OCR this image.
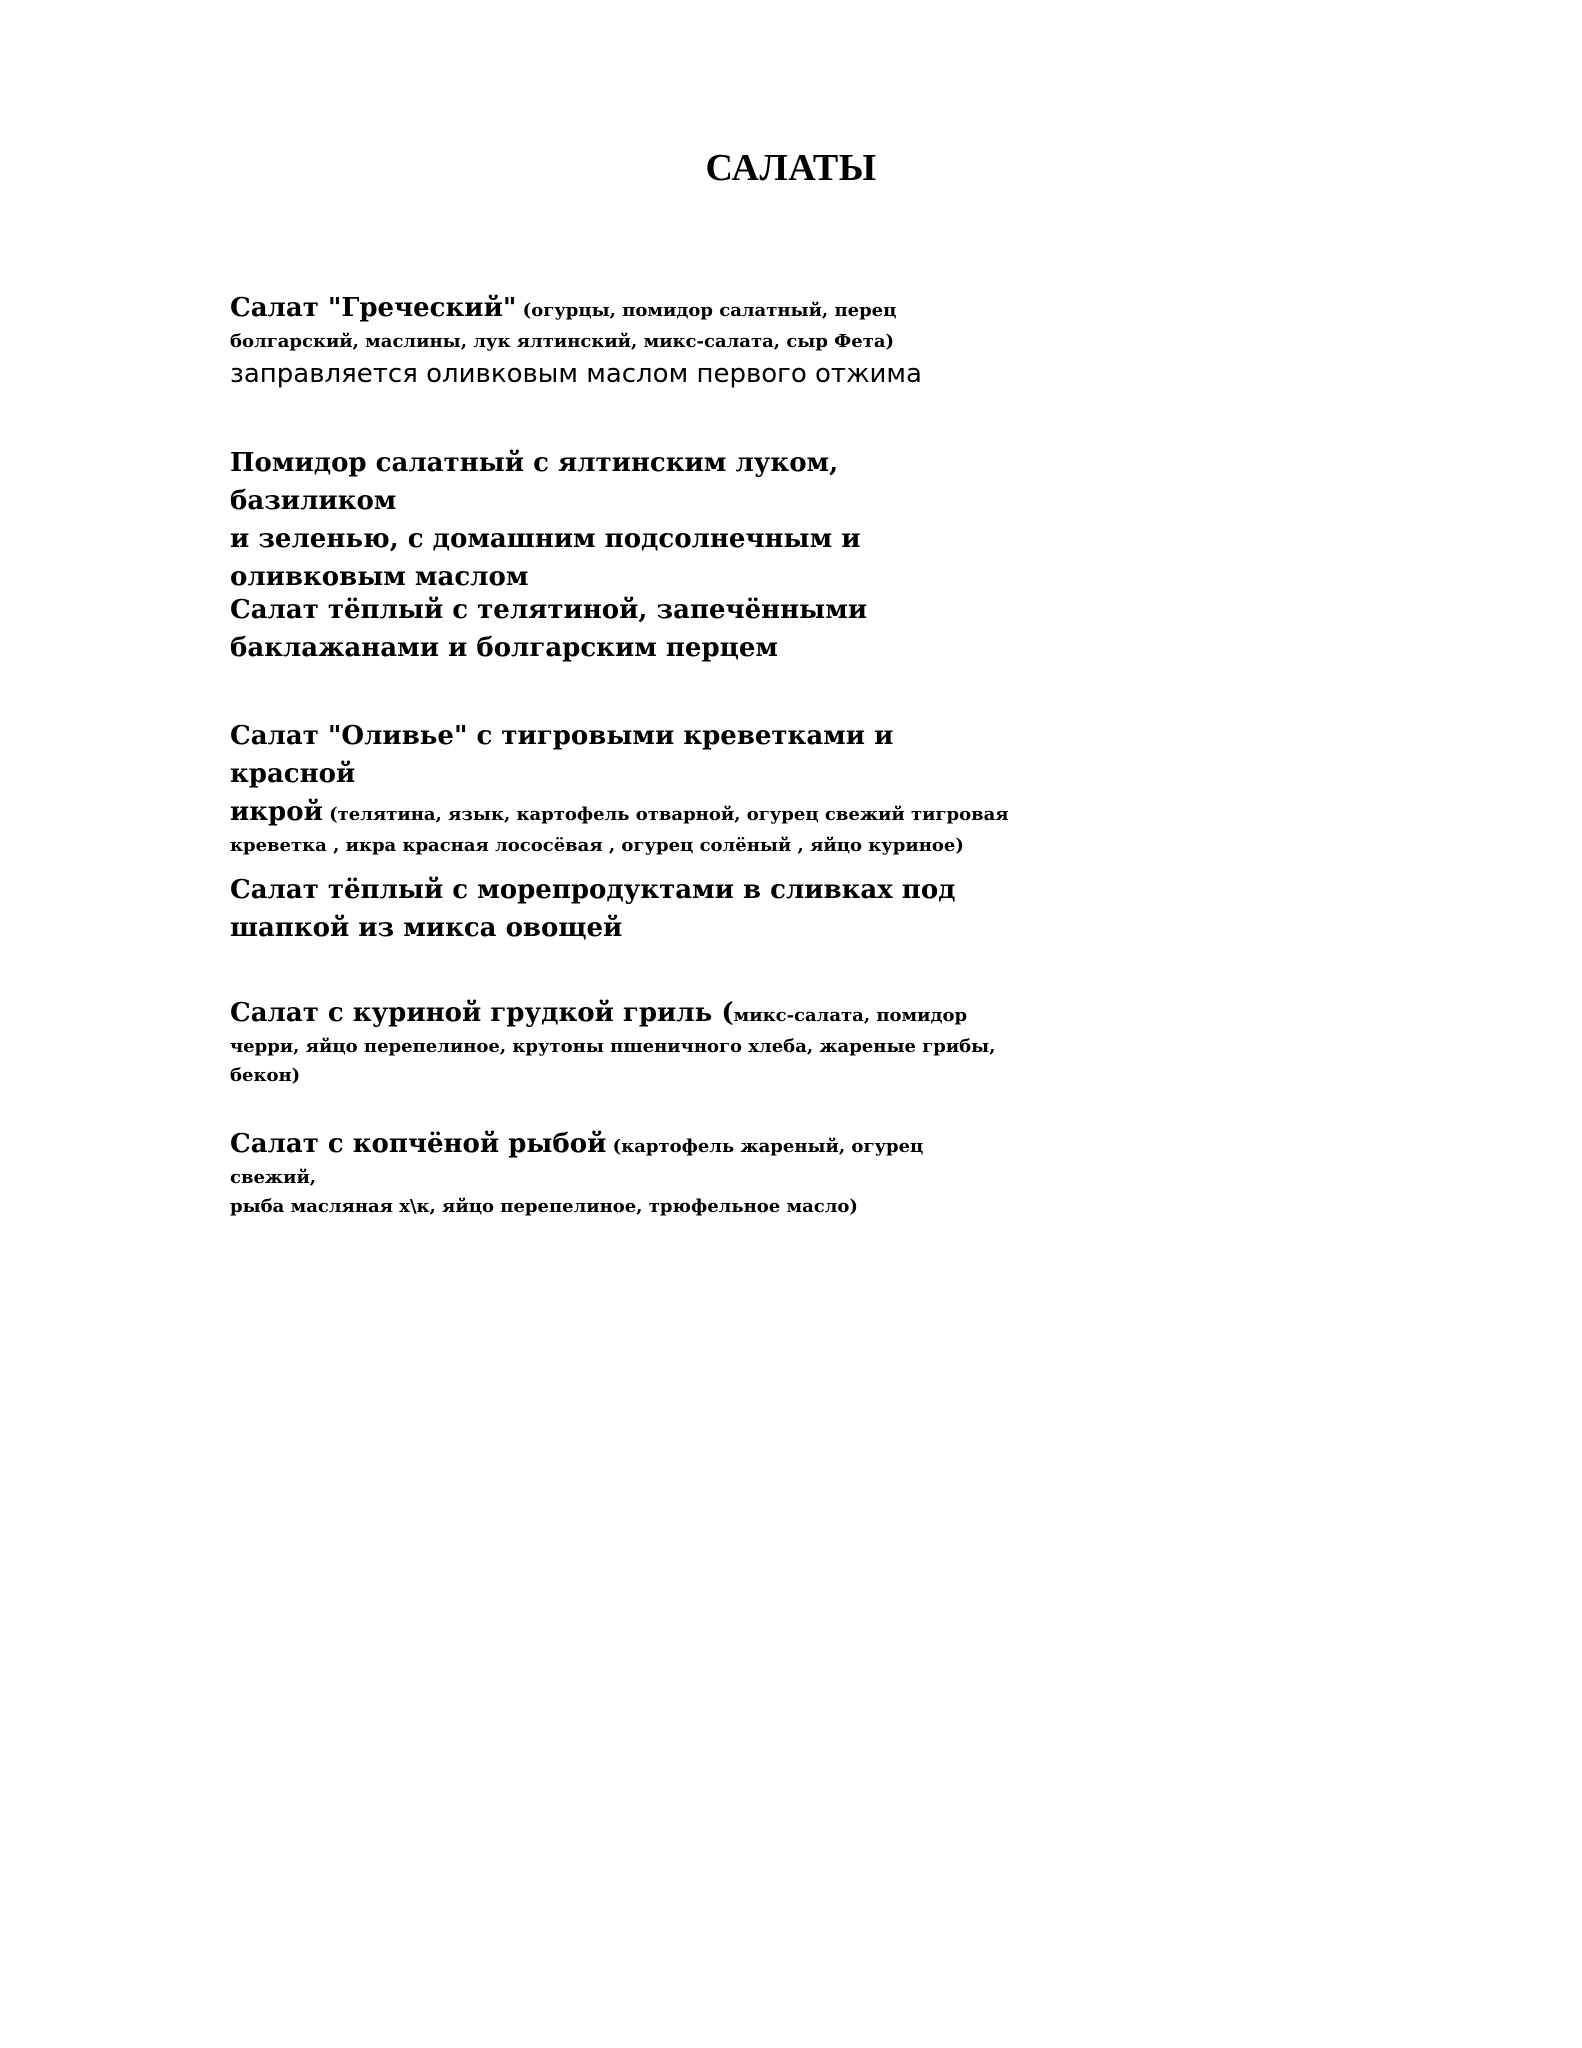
САЛАТЫ
Салат "Греческий" (огурцы, помидор салатный, перец
болгарский, маслины, лук ялтинский, микс-салата, сыр Фета)
заправляется оливковым маслом первого отжима
Помидор салатный с ялтинским луком, базиликом
и зеленью, с домашним подсолнечным и
оливковым маслом
Салат тёплый с телятиной, запечёнными
баклажанами и болгарским перцем
Салат "Оливье" с тигровыми креветками и красной
икрой (телятина, язык, картофель отварной, огурец свежий тигровая
креветка , икра красная лососёвая , огурец солёный , яйцо куриное)
Салат тёплый с морепродуктами в сливках под
шапкой из микса овощей
Салат с куриной грудкой гриль (микс-салата, помидор
черри, яйцо перепелиное, крутоны пшеничного хлеба, жареные грибы,
бекон)
Салат с копчёной рыбой (картофель жареный, огурец свежий,
рыба масляная х\к, яйцо перепелиное, трюфельное масло)
